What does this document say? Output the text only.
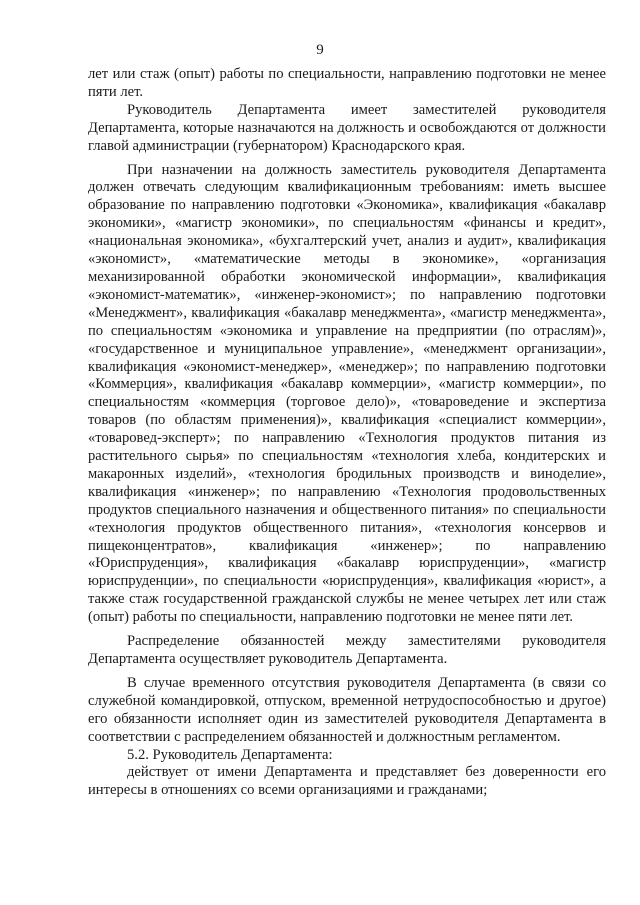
9

лет или стаж (опыт) работы по специальности, направлению подготовки не менее пяти лет.

Руководитель Департамента имеет заместителей руководителя Департамента, которые назначаются на должность и освобождаются от должности главой администрации (губернатором) Краснодарского края.

При назначении на должность заместитель руководителя Департамента должен отвечать следующим квалификационным требованиям: иметь высшее образование по направлению подготовки «Экономика», квалификация «бакалавр экономики», «магистр экономики», по специальностям «финансы и кредит», «национальная экономика», «бухгалтерский учет, анализ и аудит», квалификация «экономист», «математические методы в экономике», «организация механизированной обработки экономической информации», квалификация «экономист-математик», «инженер-экономист»; по направлению подготовки «Менеджмент», квалификация «бакалавр менеджмента», «магистр менеджмента», по специальностям «экономика и управление на предприятии (по отраслям)», «государственное и муниципальное управление», «менеджмент организации», квалификация «экономист-менеджер», «менеджер»; по направлению подготовки «Коммерция», квалификация «бакалавр коммерции», «магистр коммерции», по специальностям «коммерция (торговое дело)», «товароведение и экспертиза товаров (по областям применения)», квалификация «специалист коммерции», «товаровед-эксперт»; по направлению «Технология продуктов питания из растительного сырья» по специальностям «технология хлеба, кондитерских и макаронных изделий», «технология бродильных производств и виноделие», квалификация «инженер»; по направлению «Технология продовольственных продуктов специального назначения и общественного питания» по специальности «технология продуктов общественного питания», «технология консервов и пищеконцентратов», квалификация «инженер»; по направлению «Юриспруденция», квалификация «бакалавр юриспруденции», «магистр юриспруденции», по специальности «юриспруденция», квалификация «юрист», а также стаж государственной гражданской службы не менее четырех лет или стаж (опыт) работы по специальности, направлению подготовки не менее пяти лет.

Распределение обязанностей между заместителями руководителя Департамента осуществляет руководитель Департамента.

В случае временного отсутствия руководителя Департамента (в связи со служебной командировкой, отпуском, временной нетрудоспособностью и другое) его обязанности исполняет один из заместителей руководителя Департамента в соответствии с распределением обязанностей и должностным регламентом.

5.2. Руководитель Департамента:

действует от имени Департамента и представляет без доверенности его интересы в отношениях со всеми организациями и гражданами;
